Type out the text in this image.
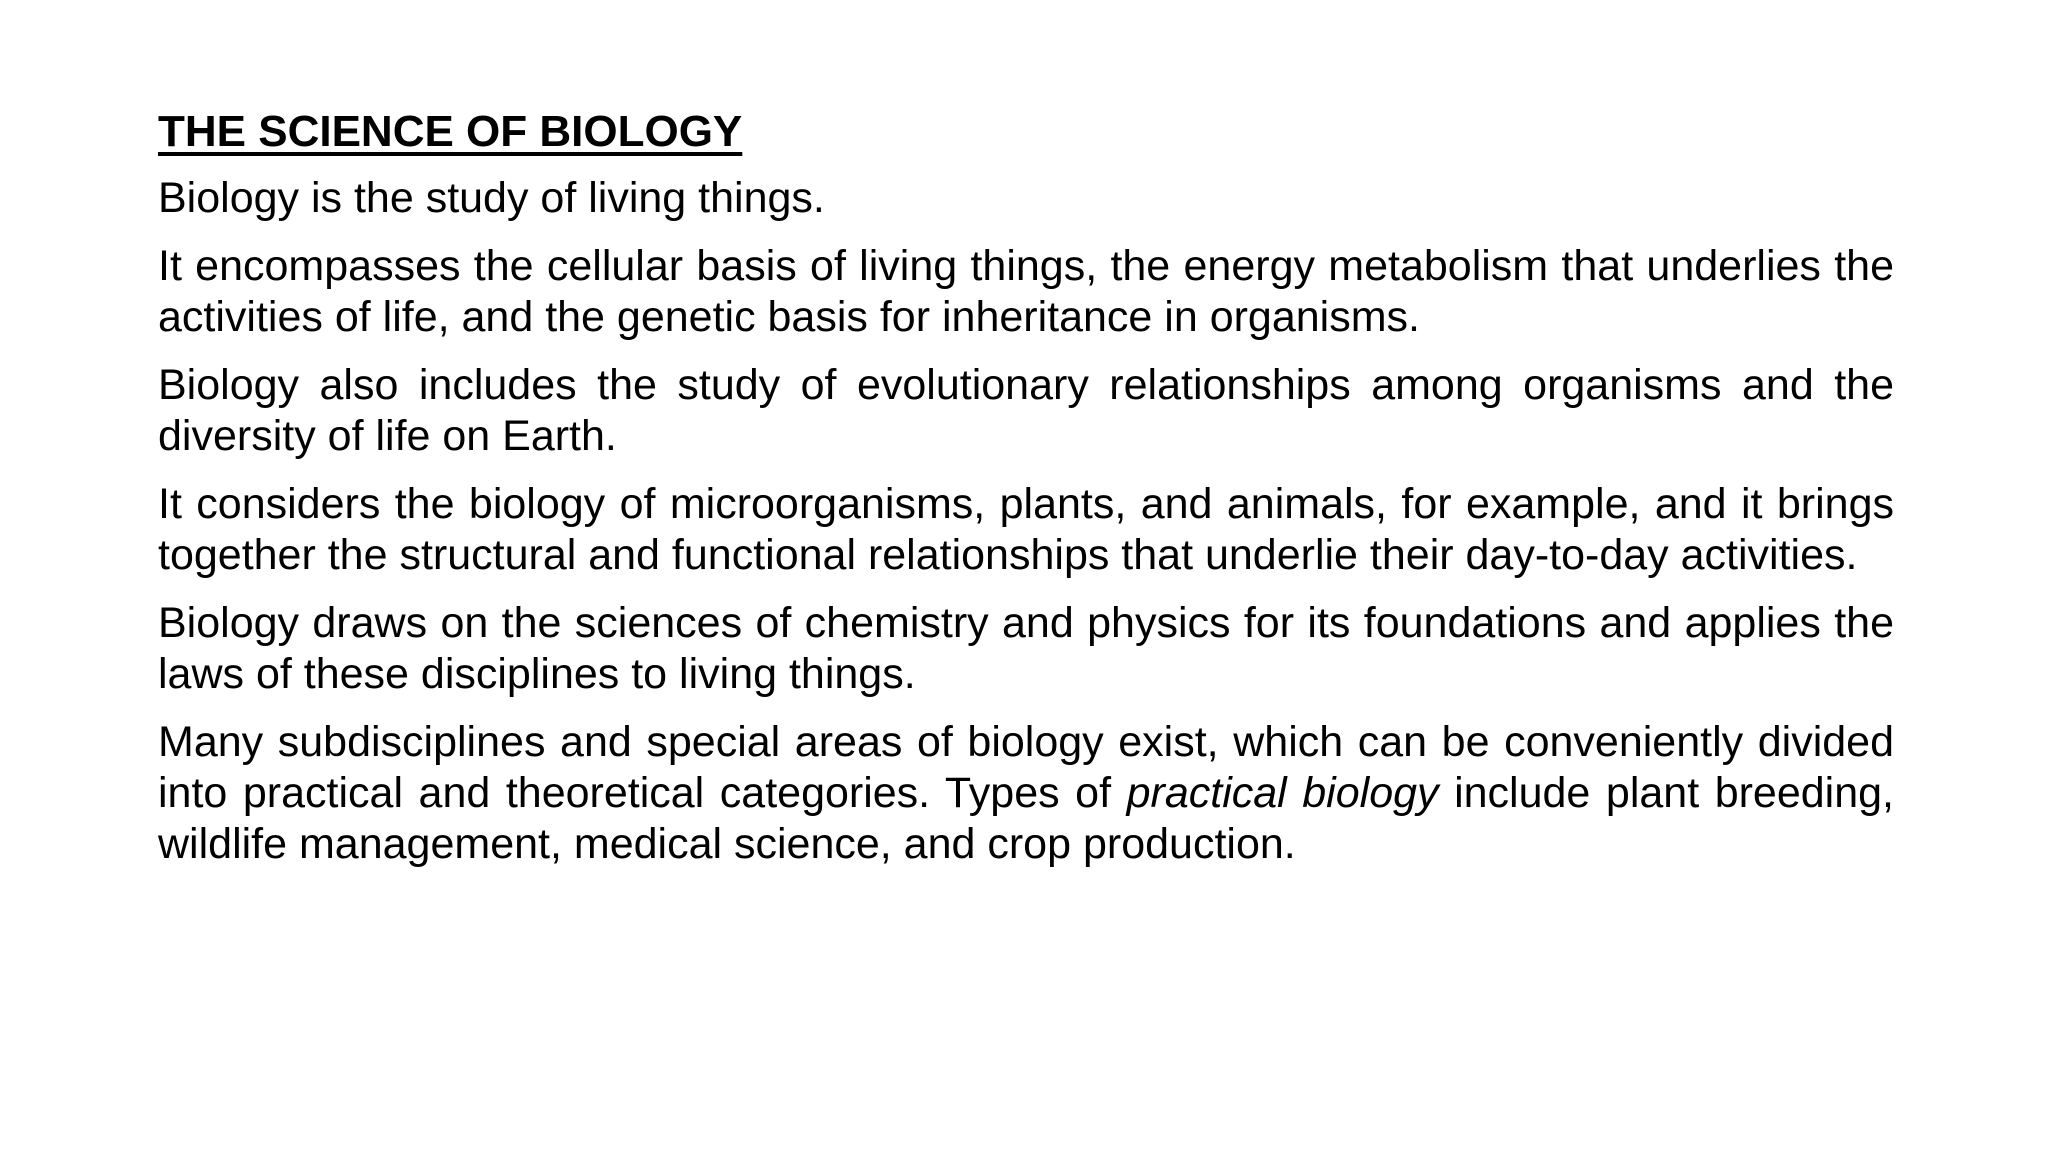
THE SCIENCE OF BIOLOGY
Biology is the study of living things.
It encompasses the cellular basis of living things, the energy metabolism that underlies the activities of life, and the genetic basis for inheritance in organisms.
Biology also includes the study of evolutionary relationships among organisms and the diversity of life on Earth.
It considers the biology of microorganisms, plants, and animals, for example, and it brings together the structural and functional relationships that underlie their day-to-day activities.
Biology draws on the sciences of chemistry and physics for its foundations and applies the laws of these disciplines to living things.
Many subdisciplines and special areas of biology exist, which can be conveniently divided into practical and theoretical categories. Types of practical biology include plant breeding, wildlife management, medical science, and crop production.
